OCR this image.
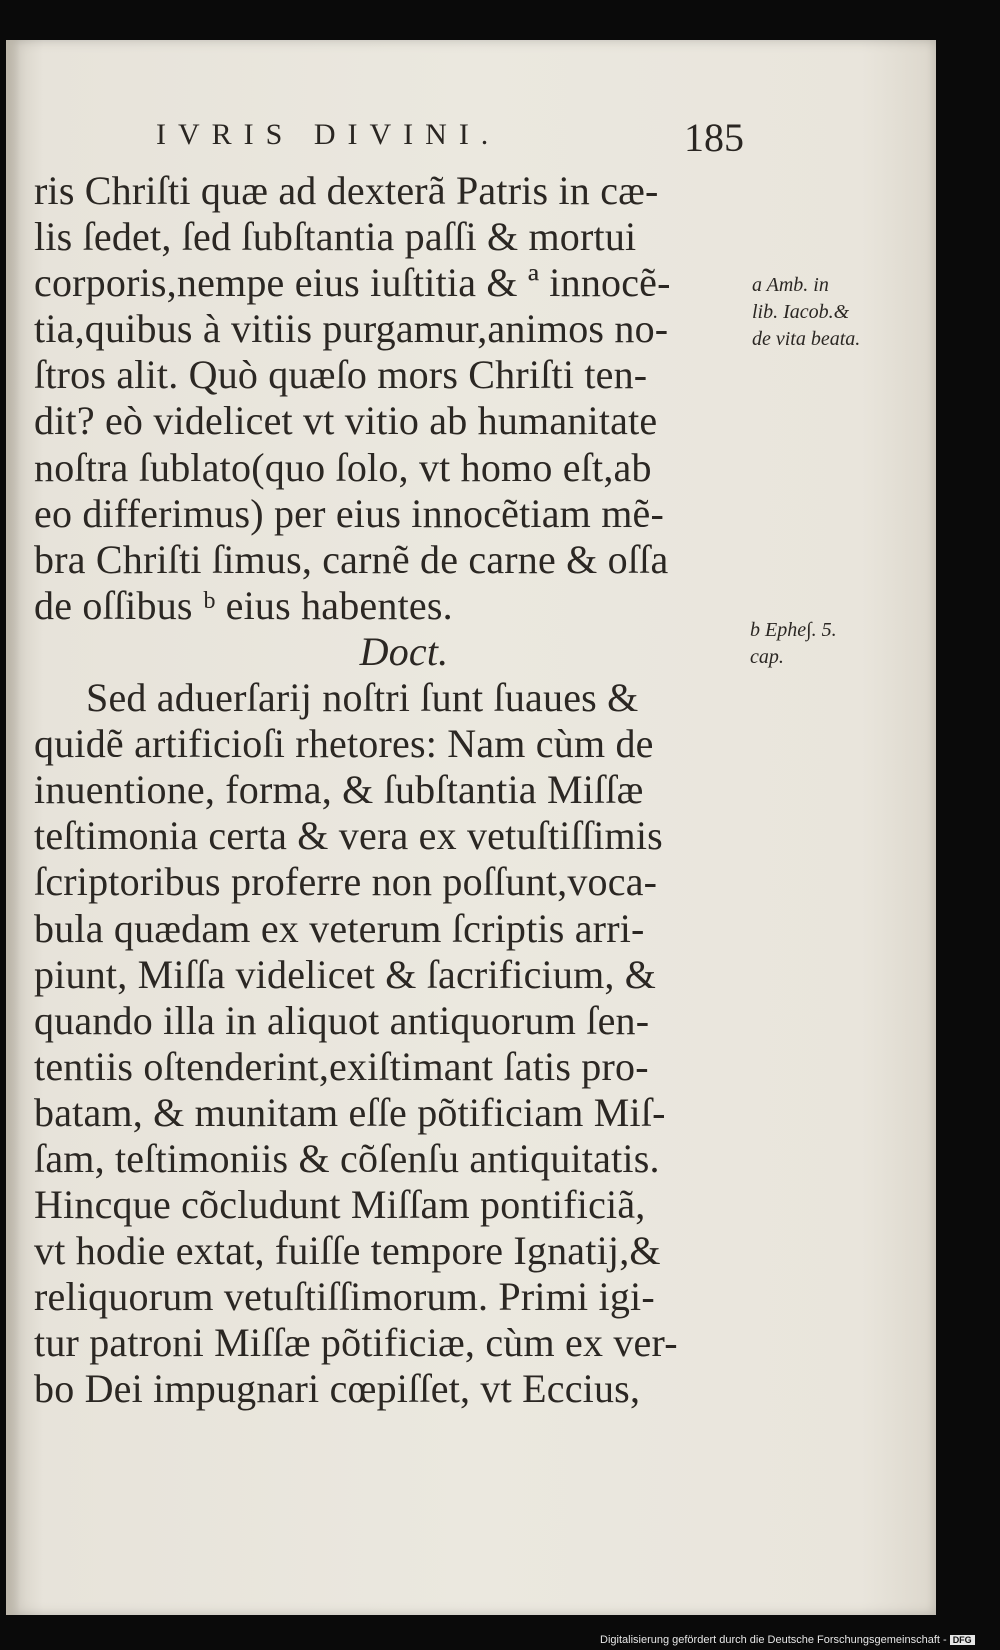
IVRIS DIVINI.	185
ris Chriſti quæ ad dexterã Patris in cæ-
lis ſedet, ſed ſubſtantia paſſi & mortui
corporis,nempe eius iuſtitia & ª innocẽ-
tia,quibus à vitiis purgamur,animos no-
ſtros alit. Quò quæſo mors Chriſti ten-
dit? eò videlicet vt vitio ab humanitate
noſtra ſublato(quo ſolo, vt homo eſt,ab
eo differimus) per eius innocẽtiam mẽ-
bra Chriſti ſimus, carnẽ de carne & oſſa
de oſſibus ᵇ eius habentes.
Doct.
Sed aduerſarij noſtri ſunt ſuaues &
quidẽ artificioſi rhetores: Nam cùm de
inuentione, forma, & ſubſtantia Miſſæ
teſtimonia certa & vera ex vetuſtiſſimis
ſcriptoribus proferre non poſſunt,voca-
bula quædam ex veterum ſcriptis arri-
piunt, Miſſa videlicet & ſacrificium, &
quando illa in aliquot antiquorum ſen-
tentiis oſtenderint,exiſtimant ſatis pro-
batam, & munitam eſſe põtificiam Miſ-
ſam, teſtimoniis & cõſenſu antiquitatis.
Hincque cõcludunt Miſſam pontificiã,
vt hodie extat, fuiſſe tempore Ignatij,&
reliquorum vetuſtiſſimorum. Primi igi-
tur patroni Miſſæ põtificiæ, cùm ex ver-
bo Dei impugnari cœpiſſet, vt Eccius,
a Amb. in
lib. Iacob.&
de vita beata.
b Ephe∫. 5.
cap.
Digitalisierung gefördert durch die Deutsche Forschungsgemeinschaft - DFG
